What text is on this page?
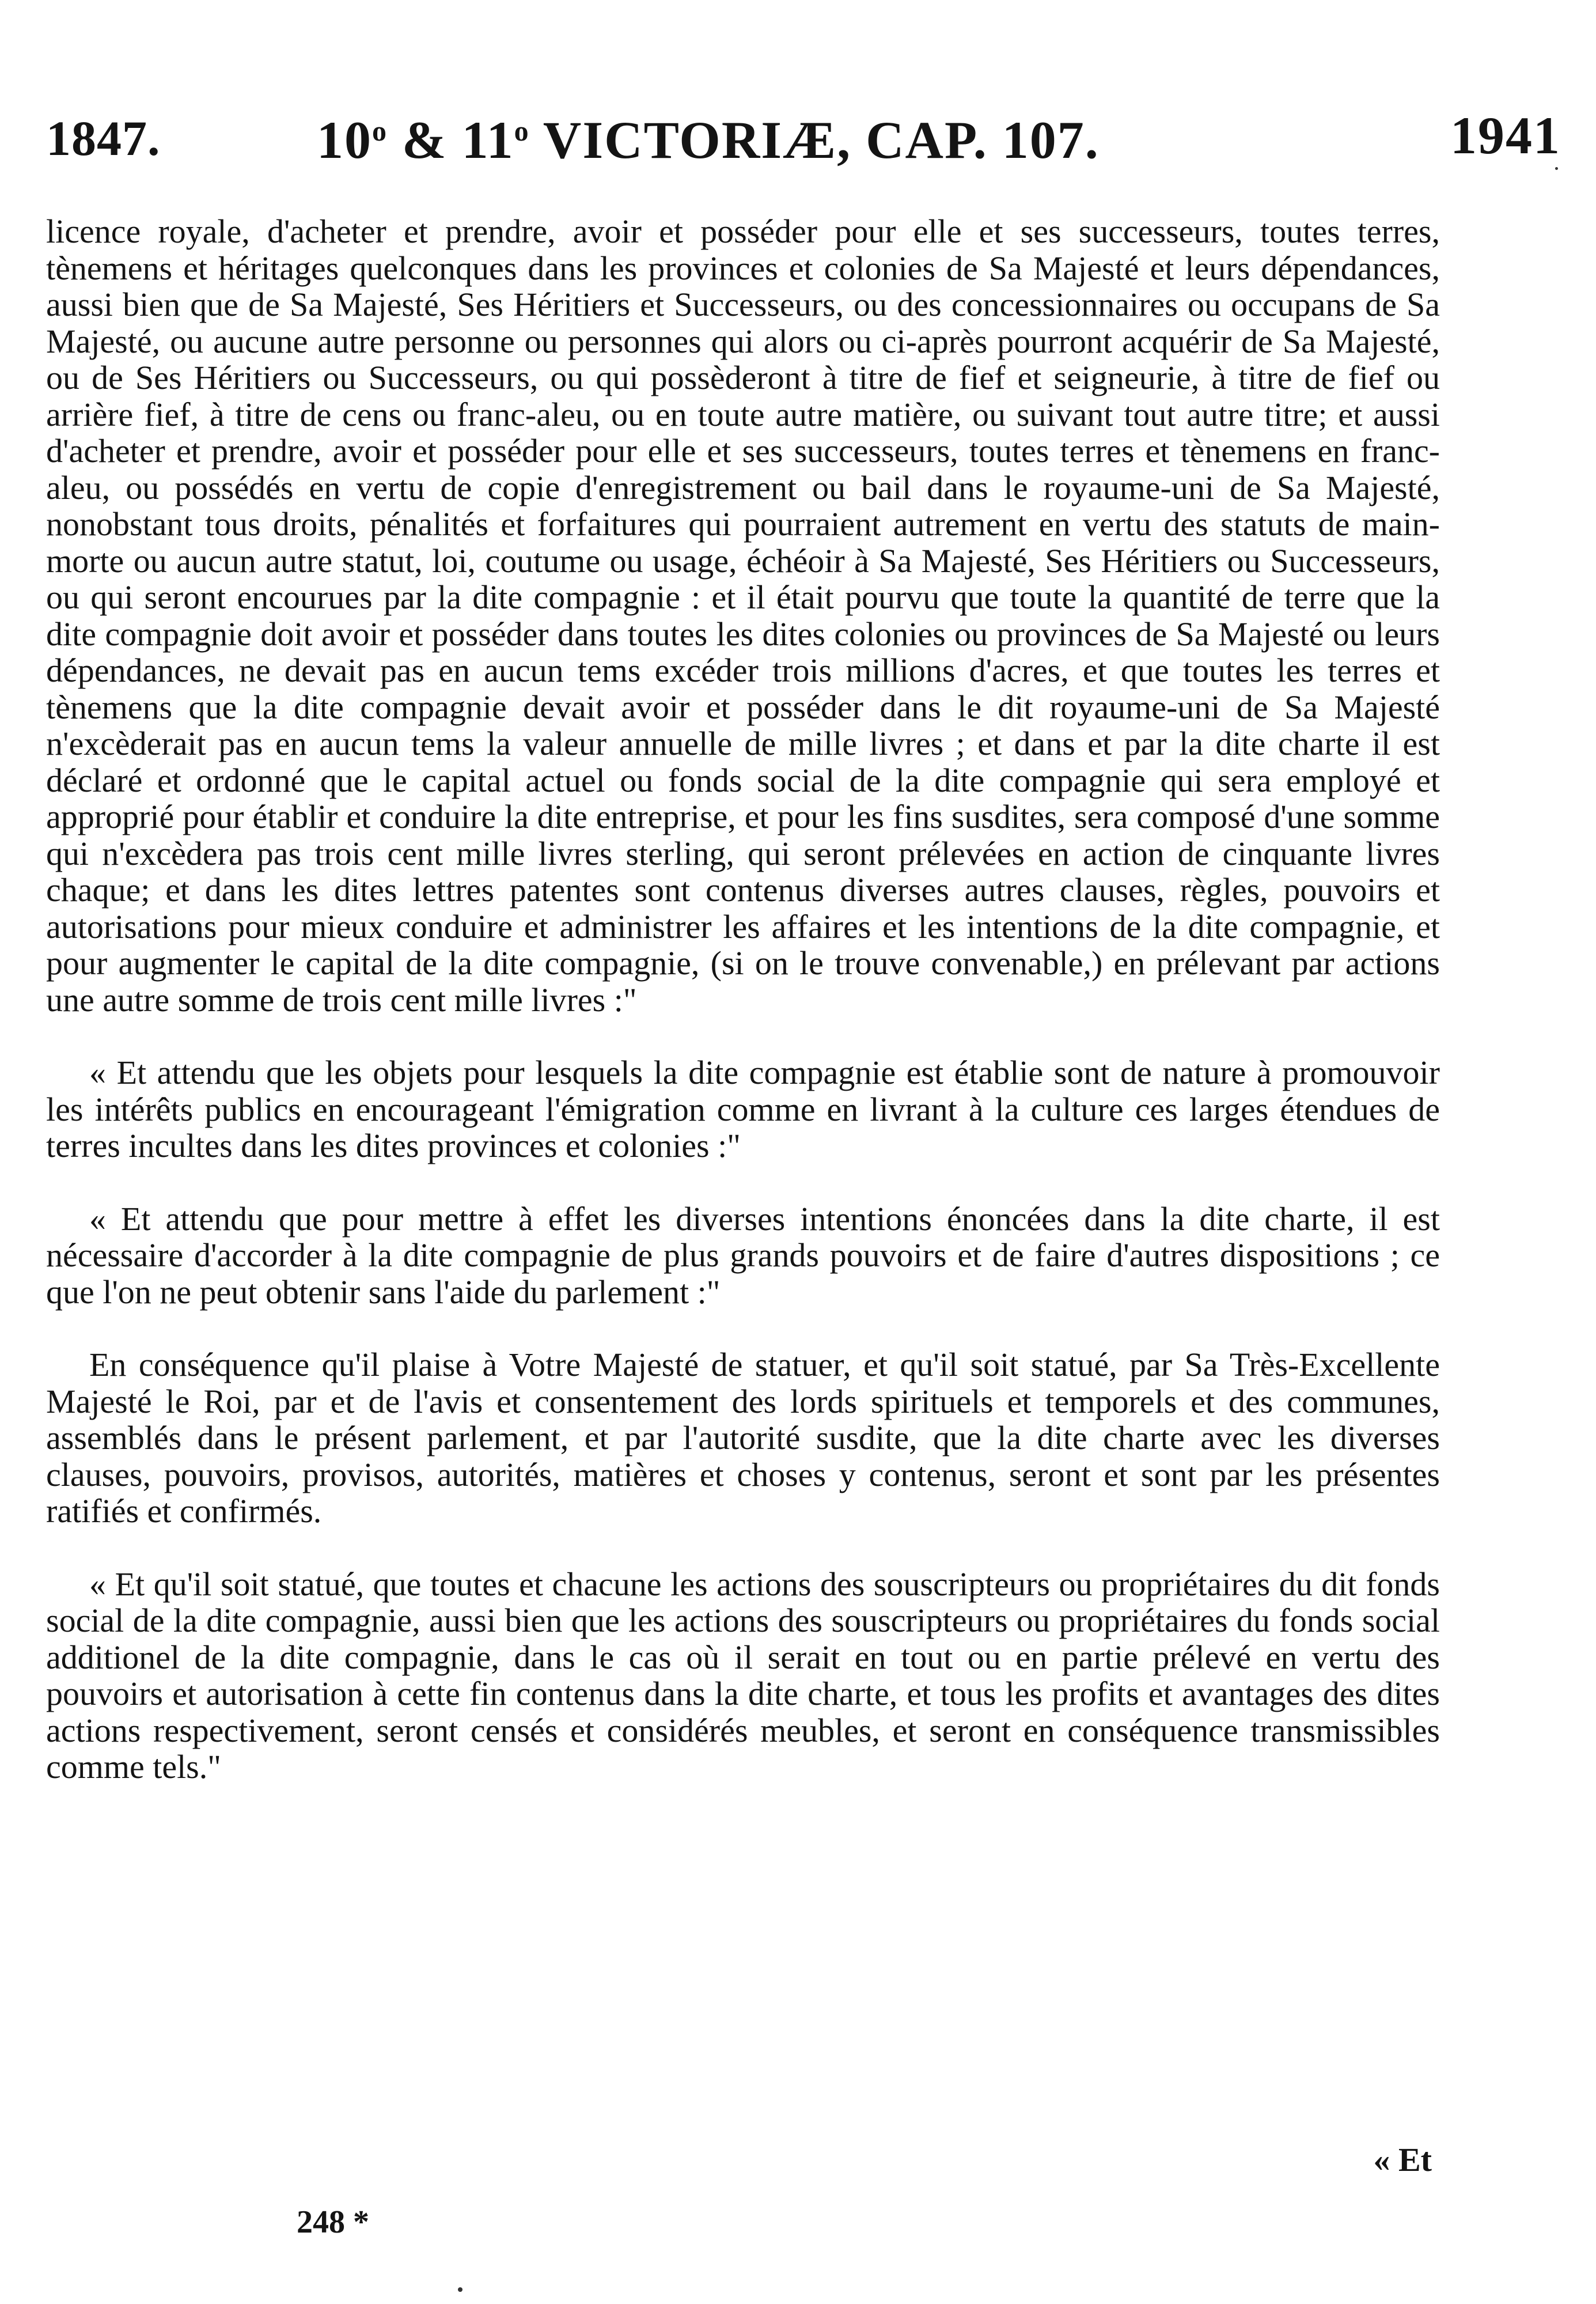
1847.	10$^o$ & 11$^o$ VICTORIÆ, CAP. 107.	1941

licence royale, d'acheter et prendre, avoir et posséder pour elle et ses successeurs, toutes terres, tènemens et héritages quelconques dans les provinces et colonies de Sa Majesté et leurs dépendances, aussi bien que de Sa Majesté, Ses Héritiers et Successeurs, ou des concessionnaires ou occupans de Sa Majesté, ou aucune autre personne ou personnes qui alors ou ci-après pourront acquérir de Sa Majesté, ou de Ses Héritiers ou Successeurs, ou qui possèderont à titre de fief et seigneurie, à titre de fief ou arrière fief, à titre de cens ou franc-aleu, ou en toute autre matière, ou suivant tout autre titre; et aussi d'acheter et prendre, avoir et posséder pour elle et ses successeurs, toutes terres et tènemens en franc-aleu, ou possédés en vertu de copie d'enregistrement ou bail dans le royaume-uni de Sa Majesté, nonobstant tous droits, pénalités et forfaitures qui pourraient autrement en vertu des statuts de main-morte ou aucun autre statut, loi, coutume ou usage, échéoir à Sa Majesté, Ses Héritiers ou Successeurs, ou qui seront encourues par la dite compagnie : et il était pourvu que toute la quantité de terre que la dite compagnie doit avoir et posséder dans toutes les dites colonies ou provinces de Sa Majesté ou leurs dépendances, ne devait pas en aucun tems excéder trois millions d'acres, et que toutes les terres et tènemens que la dite compagnie devait avoir et posséder dans le dit royaume-uni de Sa Majesté n'excèderait pas en aucun tems la valeur annuelle de mille livres ; et dans et par la dite charte il est déclaré et ordonné que le capital actuel ou fonds social de la dite compagnie qui sera employé et approprié pour établir et conduire la dite entreprise, et pour les fins susdites, sera composé d'une somme qui n'excèdera pas trois cent mille livres sterling, qui seront prélevées en action de cinquante livres chaque; et dans les dites lettres patentes sont contenus diverses autres clauses, règles, pouvoirs et autorisations pour mieux conduire et administrer les affaires et les intentions de la dite compagnie, et pour augmenter le capital de la dite compagnie, (si on le trouve convenable,) en prélevant par actions une autre somme de trois cent mille livres :"

« Et attendu que les objets pour lesquels la dite compagnie est établie sont de nature à promouvoir les intérêts publics en encourageant l'émigration comme en livrant à la culture ces larges étendues de terres incultes dans les dites provinces et colonies :"

« Et attendu que pour mettre à effet les diverses intentions énoncées dans la dite charte, il est nécessaire d'accorder à la dite compagnie de plus grands pouvoirs et de faire d'autres dispositions ; ce que l'on ne peut obtenir sans l'aide du parlement :"

En conséquence qu'il plaise à Votre Majesté de statuer, et qu'il soit statué, par Sa Très-Excellente Majesté le Roi, par et de l'avis et consentement des lords spirituels et temporels et des communes, assemblés dans le présent parlement, et par l'autorité susdite, que la dite charte avec les diverses clauses, pouvoirs, provisos, autorités, matières et choses y contenus, seront et sont par les présentes ratifiés et confirmés.

« Et qu'il soit statué, que toutes et chacune les actions des souscripteurs ou propriétaires du dit fonds social de la dite compagnie, aussi bien que les actions des souscripteurs ou propriétaires du fonds social additionel de la dite compagnie, dans le cas où il serait en tout ou en partie prélevé en vertu des pouvoirs et autorisation à cette fin contenus dans la dite charte, et tous les profits et avantages des dites actions respectivement, seront censés et considérés meubles, et seront en conséquence transmissibles comme tels."

« Et
248 *
